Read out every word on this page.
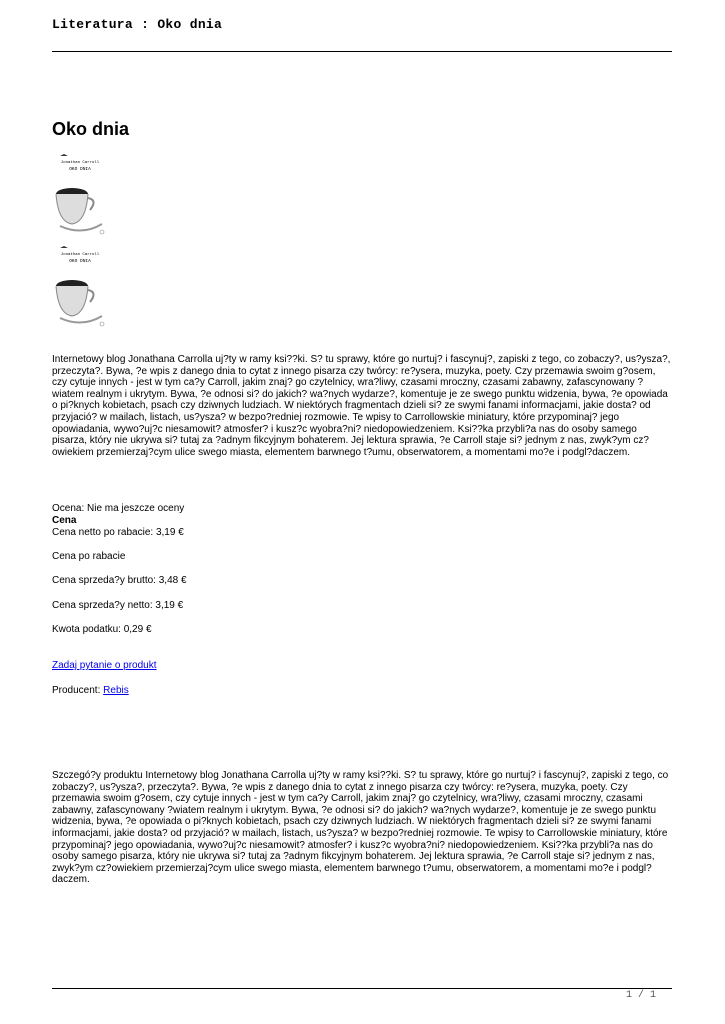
Literatura : Oko dnia
Oko dnia
Jonathan Carroll
OKO DNIA
Jonathan Carroll
OKO DNIA

Internetowy blog Jonathana Carrolla uj?ty w ramy ksi??ki. S? tu sprawy, które go nurtuj? i fascynuj?, zapiski z tego, co zobaczy?, us?ysza?, przeczyta?. Bywa, ?e wpis z danego dnia to cytat z innego pisarza czy twórcy: re?ysera, muzyka, poety. Czy przemawia swoim g?osem, czy cytuje innych - jest w tym ca?y Carroll, jakim znaj? go czytelnicy, wra?liwy, czasami mroczny, czasami zabawny, zafascynowany ?wiatem realnym i ukrytym. Bywa, ?e odnosi si? do jakich? wa?nych wydarze?, komentuje je ze swego punktu widzenia, bywa, ?e opowiada o pi?knych kobietach, psach czy dziwnych ludziach. W niektórych fragmentach dzieli si? ze swymi fanami informacjami, jakie dosta? od przyjació? w mailach, listach, us?ysza? w bezpo?redniej rozmowie. Te wpisy to Carrollowskie miniatury, które przypominaj? jego opowiadania, wywo?uj?c niesamowit? atmosfer? i kusz?c wyobra?ni? niedopowiedzeniem. Ksi??ka przybli?a nas do osoby samego pisarza, który nie ukrywa si? tutaj za ?adnym fikcyjnym bohaterem. Jej lektura sprawia, ?e Carroll staje si? jednym z nas, zwyk?ym cz?owiekiem przemierzaj?cym ulice swego miasta, elementem barwnego t?umu, obserwatorem, a momentami mo?e i podgl?daczem.

Ocena: Nie ma jeszcze oceny
Cena
Cena netto po rabacie: 3,19 €
Cena po rabacie
Cena sprzeda?y brutto: 3,48 €
Cena sprzeda?y netto: 3,19 €
Kwota podatku: 0,29 €
Zadaj pytanie o produkt
Producent: Rebis

Szczegó?y produktu Internetowy blog Jonathana Carrolla uj?ty w ramy ksi??ki. S? tu sprawy, które go nurtuj? i fascynuj?, zapiski z tego, co zobaczy?, us?ysza?, przeczyta?. Bywa, ?e wpis z danego dnia to cytat z innego pisarza czy twórcy: re?ysera, muzyka, poety. Czy przemawia swoim g?osem, czy cytuje innych - jest w tym ca?y Carroll, jakim znaj? go czytelnicy, wra?liwy, czasami mroczny, czasami zabawny, zafascynowany ?wiatem realnym i ukrytym. Bywa, ?e odnosi si? do jakich? wa?nych wydarze?, komentuje je ze swego punktu widzenia, bywa, ?e opowiada o pi?knych kobietach, psach czy dziwnych ludziach. W niektórych fragmentach dzieli si? ze swymi fanami informacjami, jakie dosta? od przyjació? w mailach, listach, us?ysza? w bezpo?redniej rozmowie. Te wpisy to Carrollowskie miniatury, które przypominaj? jego opowiadania, wywo?uj?c niesamowit? atmosfer? i kusz?c wyobra?ni? niedopowiedzeniem. Ksi??ka przybli?a nas do osoby samego pisarza, który nie ukrywa si? tutaj za ?adnym fikcyjnym bohaterem. Jej lektura sprawia, ?e Carroll staje si? jednym z nas, zwyk?ym cz?owiekiem przemierzaj?cym ulice swego miasta, elementem barwnego t?umu, obserwatorem, a momentami mo?e i podgl?daczem.

1 / 1
